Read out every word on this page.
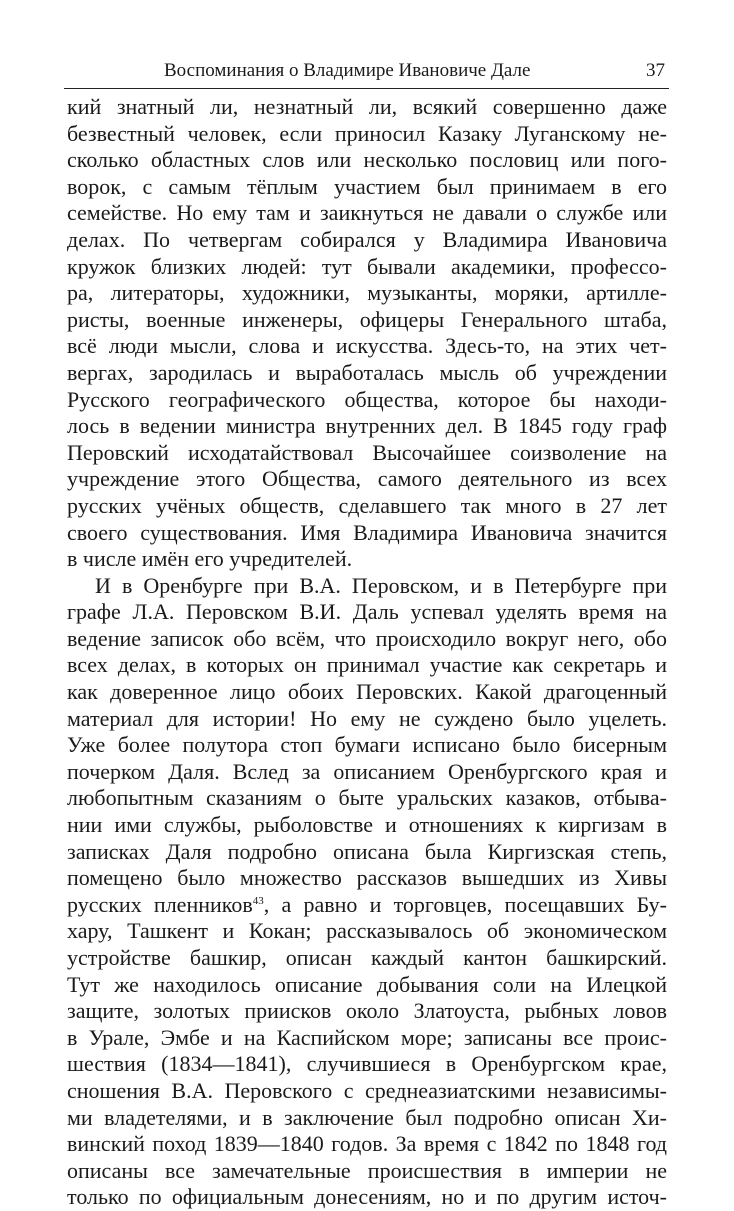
Воспоминания о Владимире Ивановиче Дале	37
кий знатный ли, незнатный ли, всякий совершенно даже
безвестный человек, если приносил Казаку Луганскому не-
сколько областных слов или несколько пословиц или пого-
ворок, с самым тёплым участием был принимаем в его
семействе. Но ему там и заикнуться не давали о службе или
делах. По четвергам собирался у Владимира Ивановича
кружок близких людей: тут бывали академики, профессо-
ра, литераторы, художники, музыканты, моряки, артилле-
ристы, военные инженеры, офицеры Генерального штаба,
всё люди мысли, слова и искусства. Здесь-то, на этих чет-
вергах, зародилась и выработалась мысль об учреждении
Русского географического общества, которое бы находи-
лось в ведении министра внутренних дел. В 1845 году граф
Перовский исходатайствовал Высочайшее соизволение на
учреждение этого Общества, самого деятельного из всех
русских учёных обществ, сделавшего так много в 27 лет
своего существования. Имя Владимира Ивановича значится
в числе имён его учредителей.
И в Оренбурге при В.А. Перовском, и в Петербурге при
графе Л.А. Перовском В.И. Даль успевал уделять время на
ведение записок обо всём, что происходило вокруг него, обо
всех делах, в которых он принимал участие как секретарь и
как доверенное лицо обоих Перовских. Какой драгоценный
материал для истории! Но ему не суждено было уцелеть.
Уже более полутора стоп бумаги исписано было бисерным
почерком Даля. Вслед за описанием Оренбургского края и
любопытным сказаниям о быте уральских казаков, отбыва-
нии ими службы, рыболовстве и отношениях к киргизам в
записках Даля подробно описана была Киргизская степь,
помещено было множество рассказов вышедших из Хивы
русских пленников$^{43}$, а равно и торговцев, посещавших Бу-
хару, Ташкент и Кокан; рассказывалось об экономическом
устройстве башкир, описан каждый кантон башкирский.
Тут же находилось описание добывания соли на Илецкой
защите, золотых приисков около Златоуста, рыбных ловов
в Урале, Эмбе и на Каспийском море; записаны все проис-
шествия (1834—1841), случившиеся в Оренбургском крае,
сношения В.А. Перовского с среднеазиатскими независимы-
ми владетелями, и в заключение был подробно описан Хи-
винский поход 1839—1840 годов. За время с 1842 по 1848 год
описаны все замечательные происшествия в империи не
только по официальным донесениям, но и по другим источ-
